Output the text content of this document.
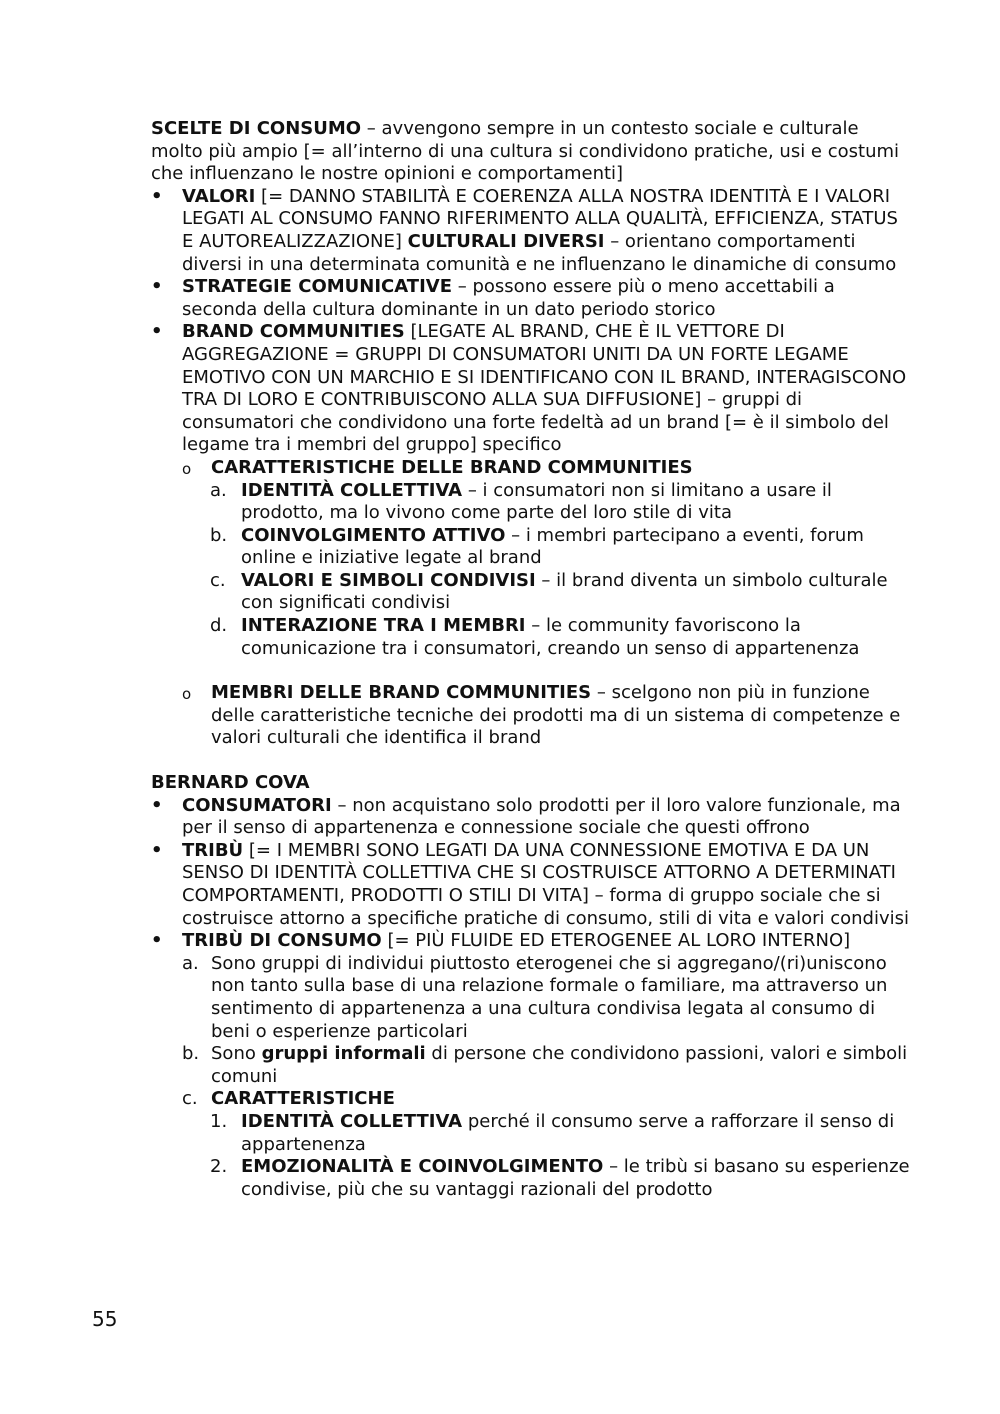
SCELTE DI CONSUMO – avvengono sempre in un contesto sociale e culturale molto più ampio [= all’interno di una cultura si condividono pratiche, usi e costumi che influenzano le nostre opinioni e comportamenti]

• VALORI [= DANNO STABILITÀ E COERENZA ALLA NOSTRA IDENTITÀ E I VALORI LEGATI AL CONSUMO FANNO RIFERIMENTO ALLA QUALITÀ, EFFICIENZA, STATUS E AUTOREALIZZAZIONE] CULTURALI DIVERSI – orientano comportamenti diversi in una determinata comunità e ne influenzano le dinamiche di consumo
• STRATEGIE COMUNICATIVE – possono essere più o meno accettabili a seconda della cultura dominante in un dato periodo storico
• BRAND COMMUNITIES [LEGATE AL BRAND, CHE È IL VETTORE DI AGGREGAZIONE = GRUPPI DI CONSUMATORI UNITI DA UN FORTE LEGAME EMOTIVO CON UN MARCHIO E SI IDENTIFICANO CON IL BRAND, INTERAGISCONO TRA DI LORO E CONTRIBUISCONO ALLA SUA DIFFUSIONE] – gruppi di consumatori che condividono una forte fedeltà ad un brand [= è il simbolo del legame tra i membri del gruppo] specifico
o CARATTERISTICHE DELLE BRAND COMMUNITIES
a. IDENTITÀ COLLETTIVA – i consumatori non si limitano a usare il prodotto, ma lo vivono come parte del loro stile di vita
b. COINVOLGIMENTO ATTIVO – i membri partecipano a eventi, forum online e iniziative legate al brand
c. VALORI E SIMBOLI CONDIVISI – il brand diventa un simbolo culturale con significati condivisi
d. INTERAZIONE TRA I MEMBRI – le community favoriscono la comunicazione tra i consumatori, creando un senso di appartenenza
o MEMBRI DELLE BRAND COMMUNITIES – scelgono non più in funzione delle caratteristiche tecniche dei prodotti ma di un sistema di competenze e valori culturali che identifica il brand

BERNARD COVA

• CONSUMATORI – non acquistano solo prodotti per il loro valore funzionale, ma per il senso di appartenenza e connessione sociale che questi offrono
• TRIBÙ [= I MEMBRI SONO LEGATI DA UNA CONNESSIONE EMOTIVA E DA UN SENSO DI IDENTITÀ COLLETTIVA CHE SI COSTRUISCE ATTORNO A DETERMINATI COMPORTAMENTI, PRODOTTI O STILI DI VITA] – forma di gruppo sociale che si costruisce attorno a specifiche pratiche di consumo, stili di vita e valori condivisi
• TRIBÙ DI CONSUMO [= PIÙ FLUIDE ED ETEROGENEE AL LORO INTERNO]
a. Sono gruppi di individui piuttosto eterogenei che si aggregano/(ri)uniscono non tanto sulla base di una relazione formale o familiare, ma attraverso un sentimento di appartenenza a una cultura condivisa legata al consumo di beni o esperienze particolari
b. Sono gruppi informali di persone che condividono passioni, valori e simboli comuni
c. CARATTERISTICHE
1. IDENTITÀ COLLETTIVA perché il consumo serve a rafforzare il senso di appartenenza
2. EMOZIONALITÀ E COINVOLGIMENTO – le tribù si basano su esperienze condivise, più che su vantaggi razionali del prodotto
55
